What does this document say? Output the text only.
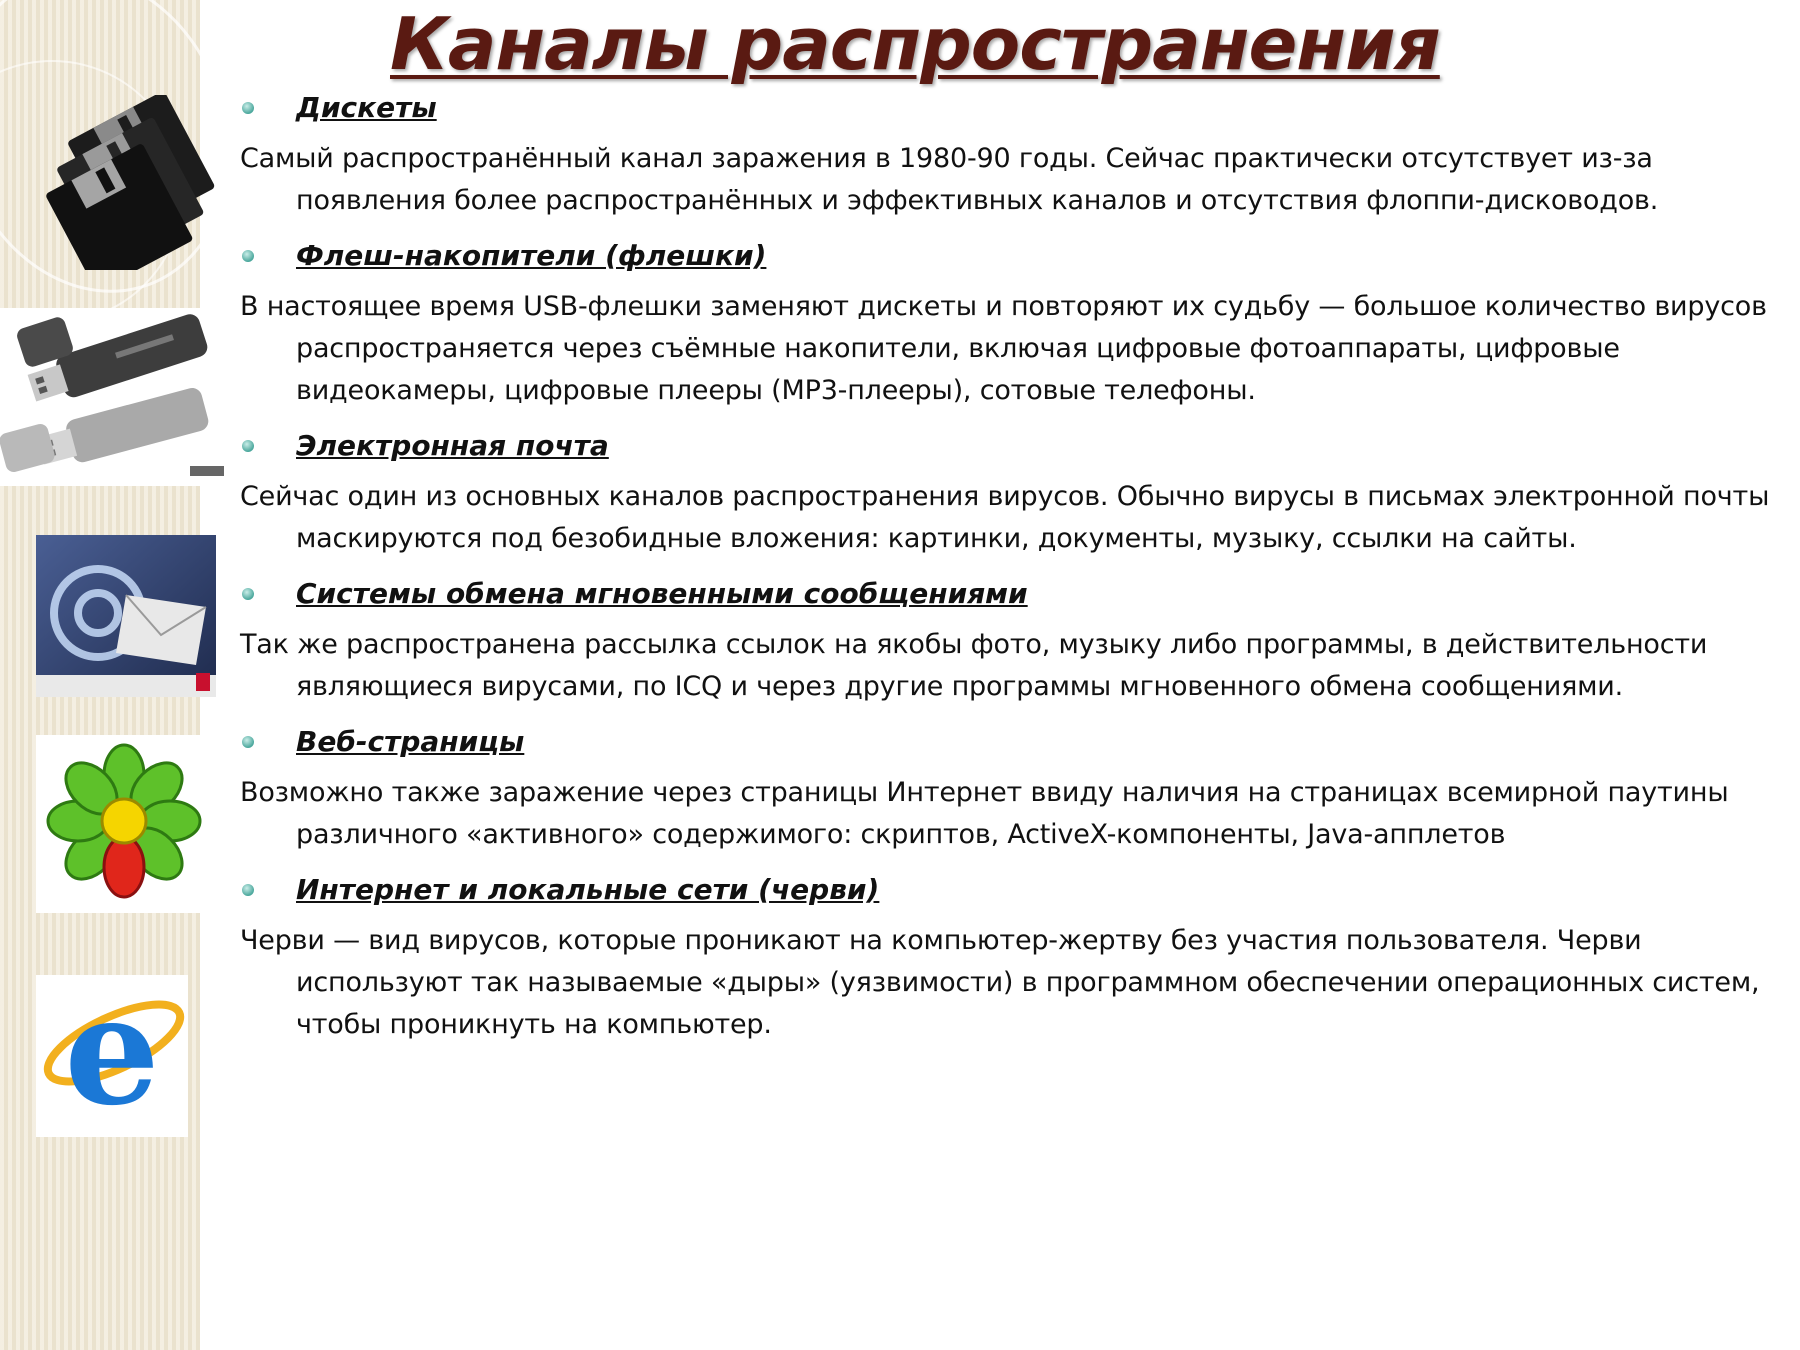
e
Каналы распространения

Дискеты

Самый распространённый канал заражения в 1980-90 годы. Сейчас практически отсутствует из-за появления более распространённых и эффективных каналов и отсутствия флоппи-дисководов.

Флеш-накопители (флешки)

В настоящее время USB-флешки заменяют дискеты и повторяют их судьбу — большое количество вирусов распространяется через съёмные накопители, включая цифровые фотоаппараты, цифровые видеокамеры, цифровые плееры (MP3-плееры), сотовые телефоны.

Электронная почта

Сейчас один из основных каналов распространения вирусов. Обычно вирусы в письмах электронной почты маскируются под безобидные вложения: картинки, документы, музыку, ссылки на сайты.

Системы обмена мгновенными сообщениями

Так же распространена рассылка ссылок на якобы фото, музыку либо программы, в действительности являющиеся вирусами, по ICQ и через другие программы мгновенного обмена сообщениями.

Веб-страницы

Возможно также заражение через страницы Интернет ввиду наличия на страницах всемирной паутины различного «активного» содержимого: скриптов, ActiveX-компоненты, Java-апплетов

Интернет и локальные сети (черви)

Черви — вид вирусов, которые проникают на компьютер-жертву без участия пользователя. Черви используют так называемые «дыры» (уязвимости) в программном обеспечении операционных систем, чтобы проникнуть на компьютер.
